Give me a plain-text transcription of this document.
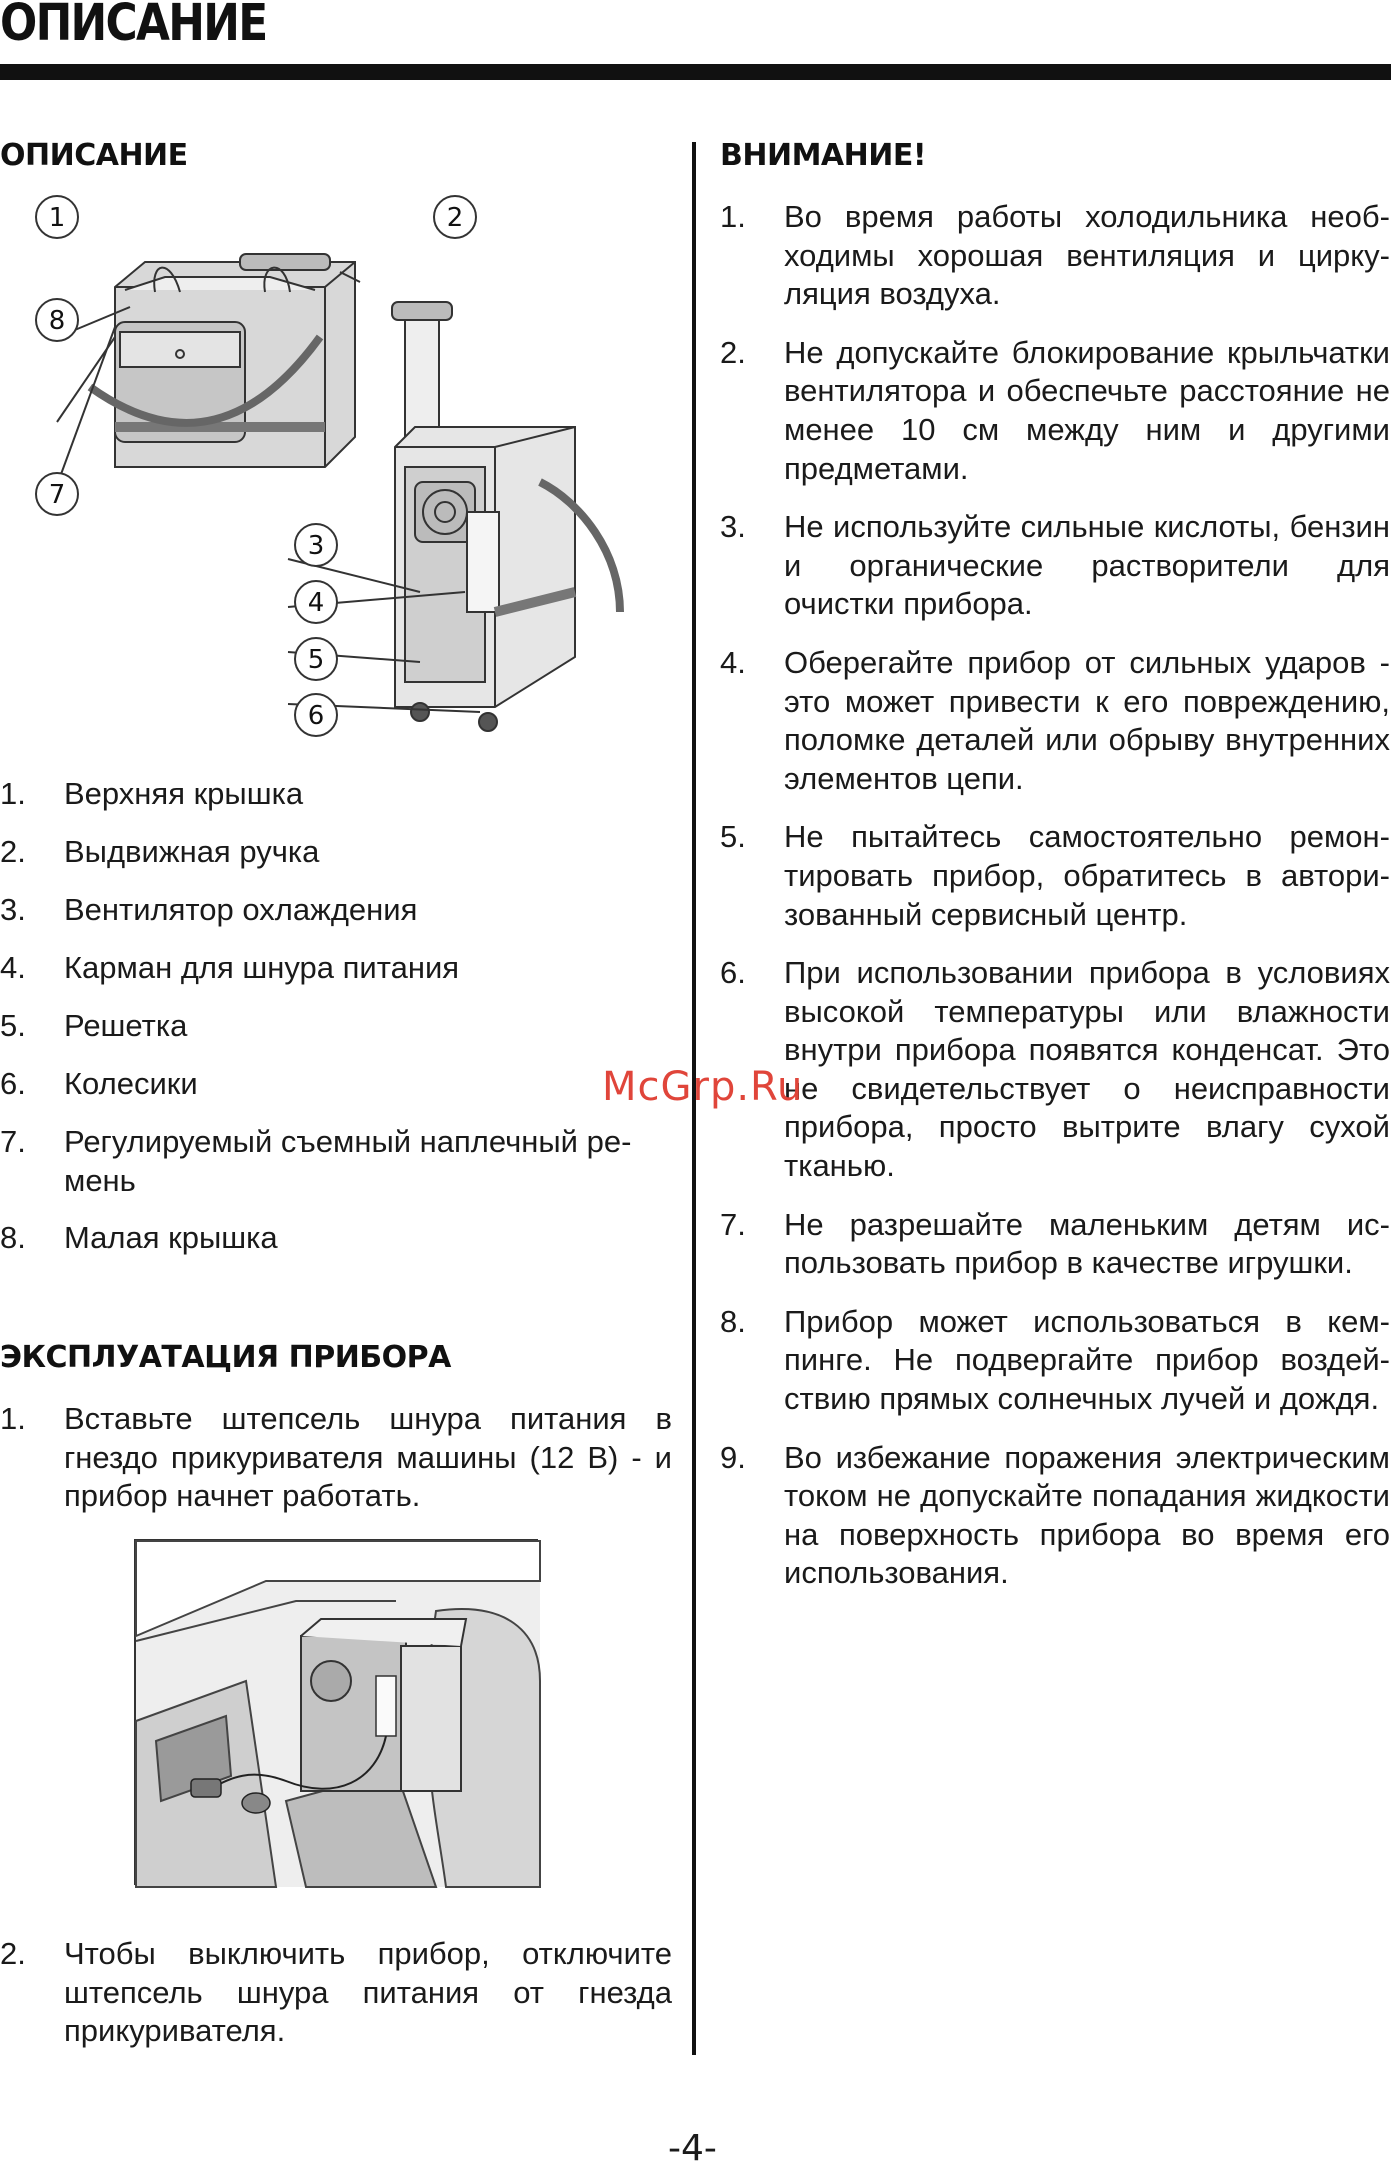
ОПИСАНИЕ
ОПИСАНИЕ
1	2
3
4
5
6
7
8
1. Верхняя крышка
2. Выдвижная ручка
3. Вентилятор охлаждения
4. Карман для шнура питания
5. Решетка
6. Колесики
7. Регулируемый съемный наплечный ремень
8. Малая крышка
ЭКСПЛУАТАЦИЯ ПРИБОРА
1. Вставьте штепсель шнура питания в гнездо прикуривателя машины (12 В) - и прибор начнет работать.
2. Чтобы выключить прибор, отключите штепсель шнура питания от гнезда прикуривателя.
ВНИМАНИЕ!
1. Во время работы холодильника необходимы хорошая вентиляция и циркуляция воздуха.
2. Не допускайте блокирование крыльчатки вентилятора и обеспечьте расстояние не менее 10 см между ним и другими предметами.
3. Не используйте сильные кислоты, бензин и органические растворители для очистки прибора.
4. Оберегайте прибор от сильных ударов - это может привести к его повреждению, поломке деталей или обрыву внутренних элементов цепи.
5. Не пытайтесь самостоятельно ремонтировать прибор, обратитесь в авторизованный сервисный центр.
6. При использовании прибора в условиях высокой температуры или влажности внутри прибора появятся конденсат. Это не свидетельствует о неисправности прибора, просто вытрите влагу сухой тканью.
7. Не разрешайте маленьким детям использовать прибор в качестве игрушки.
8. Прибор может использоваться в кемпинге. Не подвергайте прибор воздействию прямых солнечных лучей и дождя.
9. Во избежание поражения электрическим током не допускайте попадания жидкости на поверхность прибора во время его использования.
McGrp.Ru
-4-
